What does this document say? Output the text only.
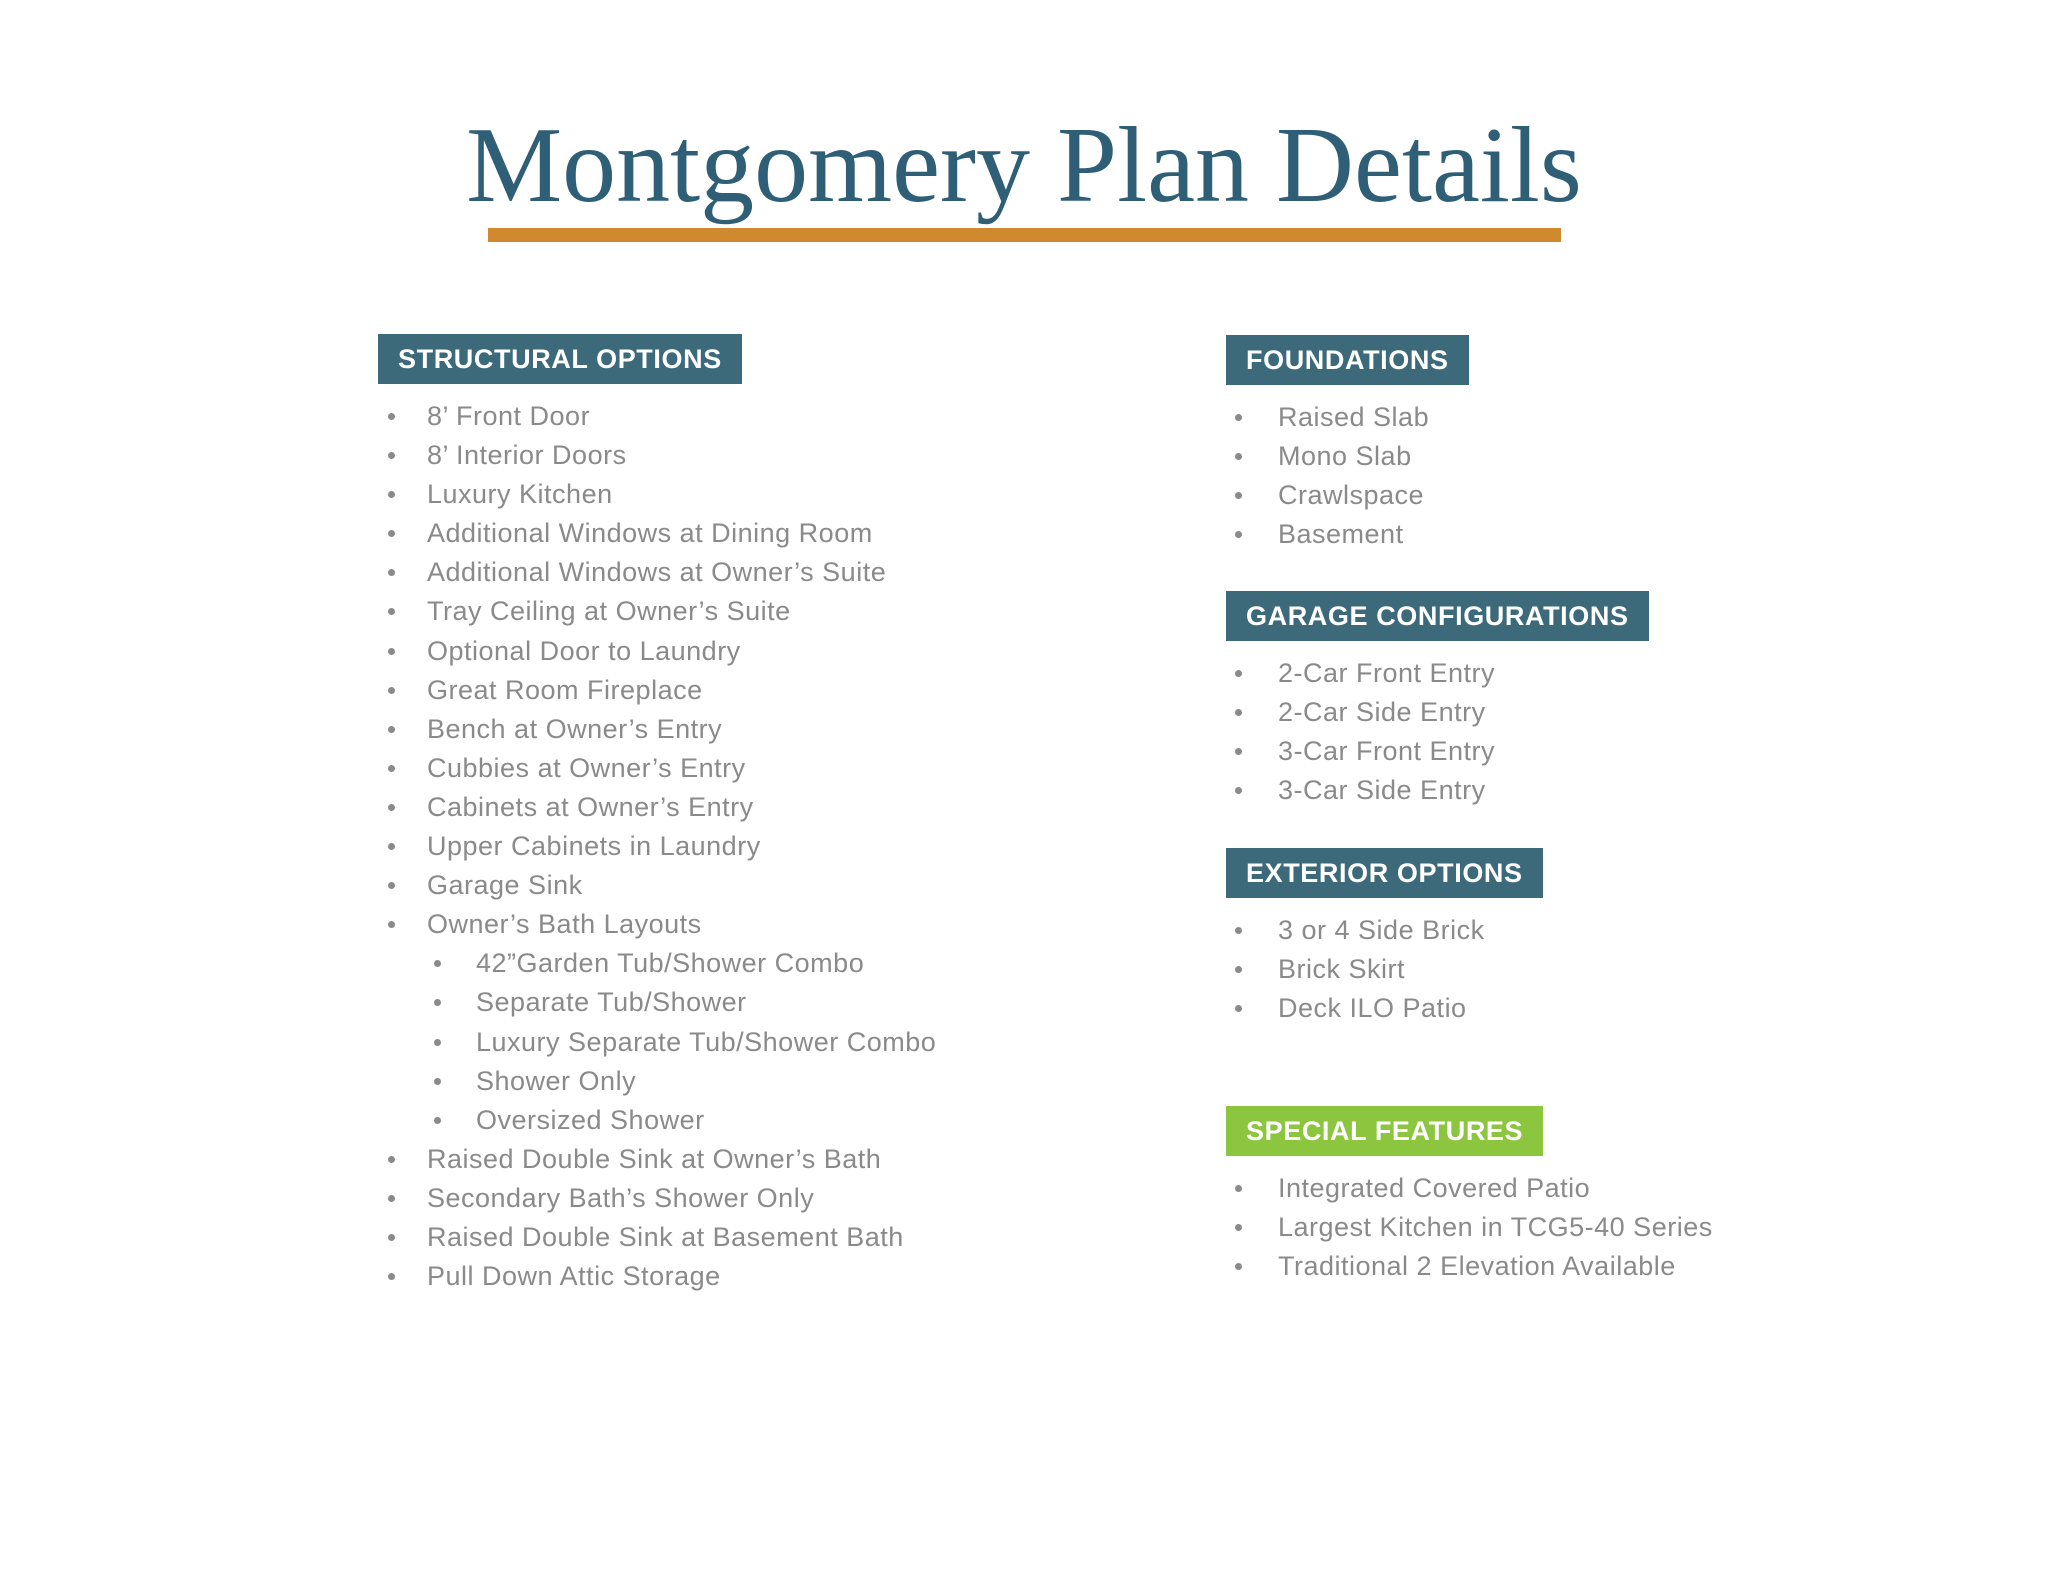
Montgomery Plan Details
STRUCTURAL OPTIONS
8’ Front Door
8’ Interior Doors
Luxury Kitchen
Additional Windows at Dining Room
Additional Windows at Owner’s Suite
Tray Ceiling at Owner’s Suite
Optional Door to Laundry
Great Room Fireplace
Bench at Owner’s Entry
Cubbies at Owner’s Entry
Cabinets at Owner’s Entry
Upper Cabinets in Laundry
Garage Sink
Owner’s Bath Layouts
42”Garden Tub/Shower Combo
Separate Tub/Shower
Luxury Separate Tub/Shower Combo
Shower Only
Oversized Shower
Raised Double Sink at Owner’s Bath
Secondary Bath’s Shower Only
Raised Double Sink at Basement Bath
Pull Down Attic Storage
FOUNDATIONS
Raised Slab
Mono Slab
Crawlspace
Basement
GARAGE CONFIGURATIONS
2-Car Front Entry
2-Car Side Entry
3-Car Front Entry
3-Car Side Entry
EXTERIOR OPTIONS
3 or 4 Side Brick
Brick Skirt
Deck ILO Patio
SPECIAL FEATURES
Integrated Covered Patio
Largest Kitchen in TCG5-40 Series
Traditional 2 Elevation Available
